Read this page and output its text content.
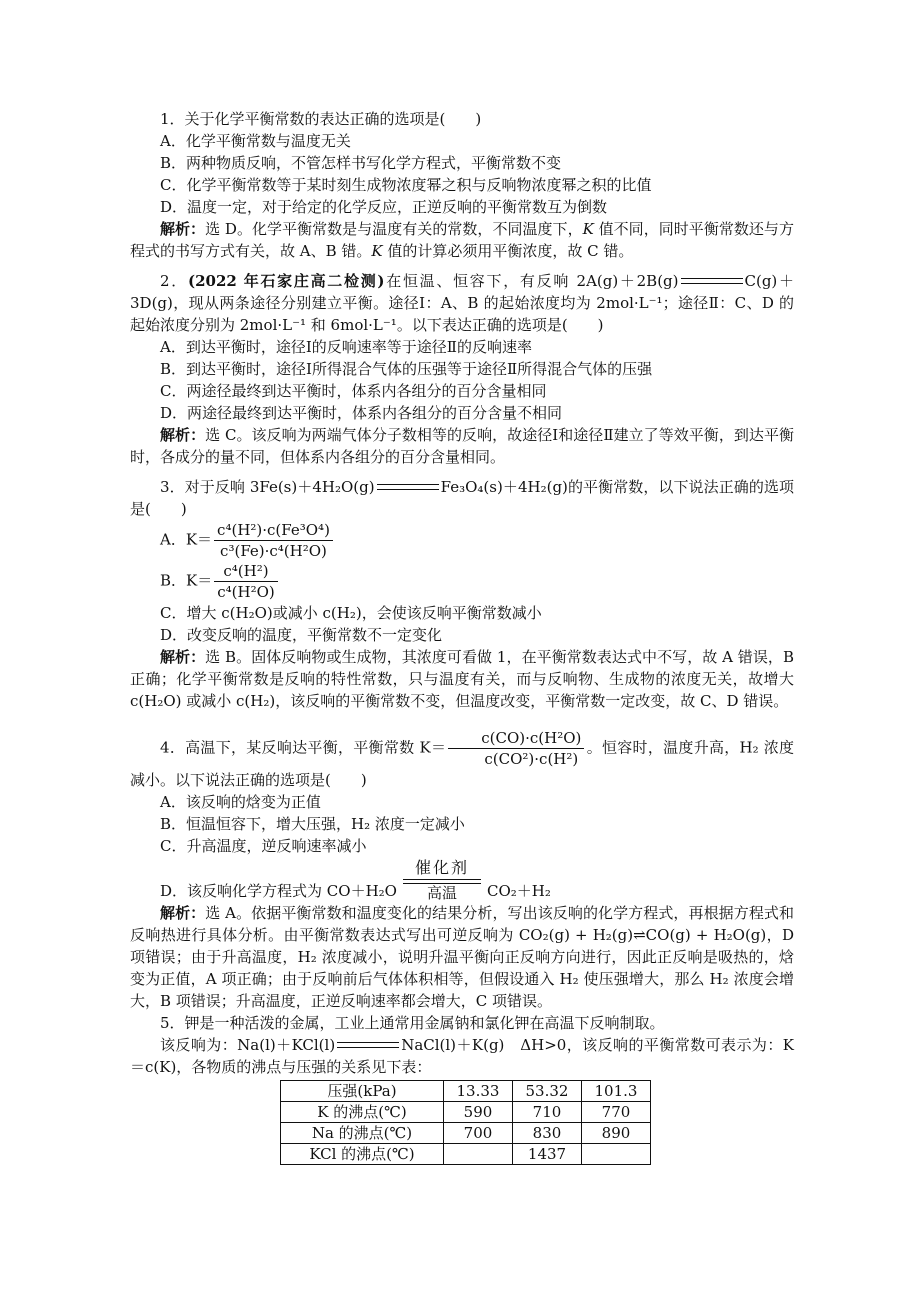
1．关于化学平衡常数的表达正确的选项是(　　)

A．化学平衡常数与温度无关

B．两种物质反响，不管怎样书写化学方程式，平衡常数不变

C．化学平衡常数等于某时刻生成物浓度幂之积与反响物浓度幂之积的比值

D．温度一定，对于给定的化学反应，正逆反响的平衡常数互为倒数

解析：选 D。化学平衡常数是与温度有关的常数，不同温度下，K 值不同，同时平衡常数还与方程式的书写方式有关，故 A、B 错。K 值的计算必须用平衡浓度，故 C 错。

2．(2022 年石家庄高二检测)在恒温、恒容下，有反响 2A(g)＋2B(g)	C(g)＋3D(g)，现从两条途径分别建立平衡。途径Ⅰ：A、B 的起始浓度均为 2mol·L⁻¹；途径Ⅱ：C、D 的起始浓度分别为 2mol·L⁻¹ 和 6mol·L⁻¹。以下表达正确的选项是(　　)

A．到达平衡时，途径Ⅰ的反响速率等于途径Ⅱ的反响速率

B．到达平衡时，途径Ⅰ所得混合气体的压强等于途径Ⅱ所得混合气体的压强

C．两途径最终到达平衡时，体系内各组分的百分含量相同

D．两途径最终到达平衡时，体系内各组分的百分含量不相同

解析：选 C。该反响为两端气体分子数相等的反响，故途径Ⅰ和途径Ⅱ建立了等效平衡，到达平衡时，各成分的量不同，但体系内各组分的百分含量相同。

3．对于反响 3Fe(s)＋4H₂O(g)	Fe₃O₄(s)＋4H₂(g)的平衡常数，以下说法正确的选项是(　　)

A．$K= \frac{\text{c⁴(H²)·c(Fe³O⁴)}}{\text{c³(Fe)·c⁴(H²O)}}$

B．$K= \frac{\text{c⁴(H²)}}{\text{c⁴(H²O)}}$

C．增大 c(H₂O)或减小 c(H₂)，会使该反响平衡常数减小

D．改变反响的温度，平衡常数不一定变化

解析：选 B。固体反响物或生成物，其浓度可看做 1，在平衡常数表达式中不写，故 A 错误，B 正确；化学平衡常数是反响的特性常数，只与温度有关，而与反响物、生成物的浓度无关，故增大 c(H₂O) 或减小 c(H₂)，该反响的平衡常数不变，但温度改变，平衡常数一定改变，故 C、D 错误。

4．高温下，某反响达平衡，平衡常数 $K= \frac{\text{c(CO)·c(H²O)}}{\text{c(CO²)·c(H²)}}$ 。恒容时，温度升高，H₂ 浓度减小。以下说法正确的选项是(　　)

A．该反响的焓变为正值

B．恒温恒容下，增大压强，H₂ 浓度一定减小

C．升高温度，逆反响速率减小

D．该反响化学方程式为 CO＋H₂O
催化剂
高温	CO₂＋H₂

解析：选 A。依据平衡常数和温度变化的结果分析，写出该反响的化学方程式，再根据方程式和反响热进行具体分析。由平衡常数表达式写出可逆反响为 CO₂(g) + H₂(g)⇌CO(g) + H₂O(g)，D 项错误；由于升高温度，H₂ 浓度减小，说明升温平衡向正反响方向进行，因此正反响是吸热的，焓变为正值，A 项正确；由于反响前后气体体积相等，但假设通入 H₂ 使压强增大，那么 H₂ 浓度会增大，B 项错误；升高温度，正逆反响速率都会增大，C 项错误。

5．钾是一种活泼的金属，工业上通常用金属钠和氯化钾在高温下反响制取。

该反响为：Na(l)＋KCl(l)	NaCl(l)＋K(g)　ΔH>0，该反响的平衡常数可表示为：K＝c(K)，各物质的沸点与压强的关系见下表：

压强(kPa)	13.33	53.32	101.3
K 的沸点(℃)	590	710	770
Na 的沸点(℃)	700	830	890
KCl 的沸点(℃)		1437	
